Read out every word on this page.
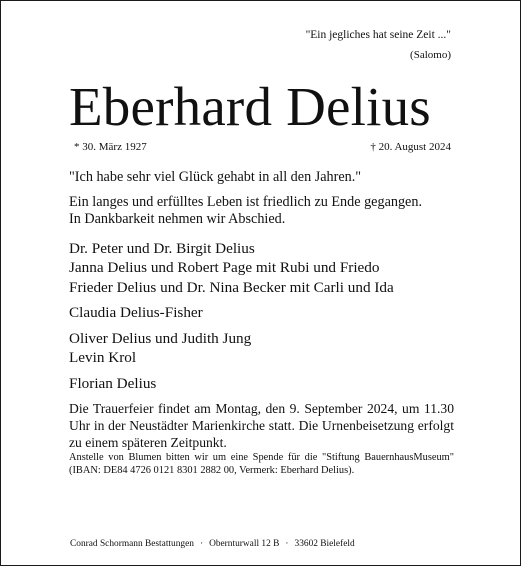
"Ein jegliches hat seine Zeit ..."
(Salomo)
Eberhard Delius
* 30. März 1927	† 20. August 2024

"Ich habe sehr viel Glück gehabt in all den Jahren."

Ein langes und erfülltes Leben ist friedlich zu Ende gegangen.

In Dankbarkeit nehmen wir Abschied.

Dr. Peter und Dr. Birgit Delius
Janna Delius und Robert Page mit Rubi und Friedo
Frieder Delius und Dr. Nina Becker mit Carli und Ida
Claudia Delius-Fisher
Oliver Delius und Judith Jung
Levin Krol
Florian Delius

Die Trauerfeier findet am Montag, den 9. September 2024, um 11.30 Uhr in der Neustädter Marienkirche statt. Die Urnenbeisetzung erfolgt zu einem späteren Zeitpunkt.

Anstelle von Blumen bitten wir um eine Spende für die "Stiftung BauernhausMuseum" (IBAN: DE84 4726 0121 8301 2882 00, Vermerk: Eberhard Delius).

Conrad Schormann Bestattungen · Obernturwall 12 B · 33602 Bielefeld
